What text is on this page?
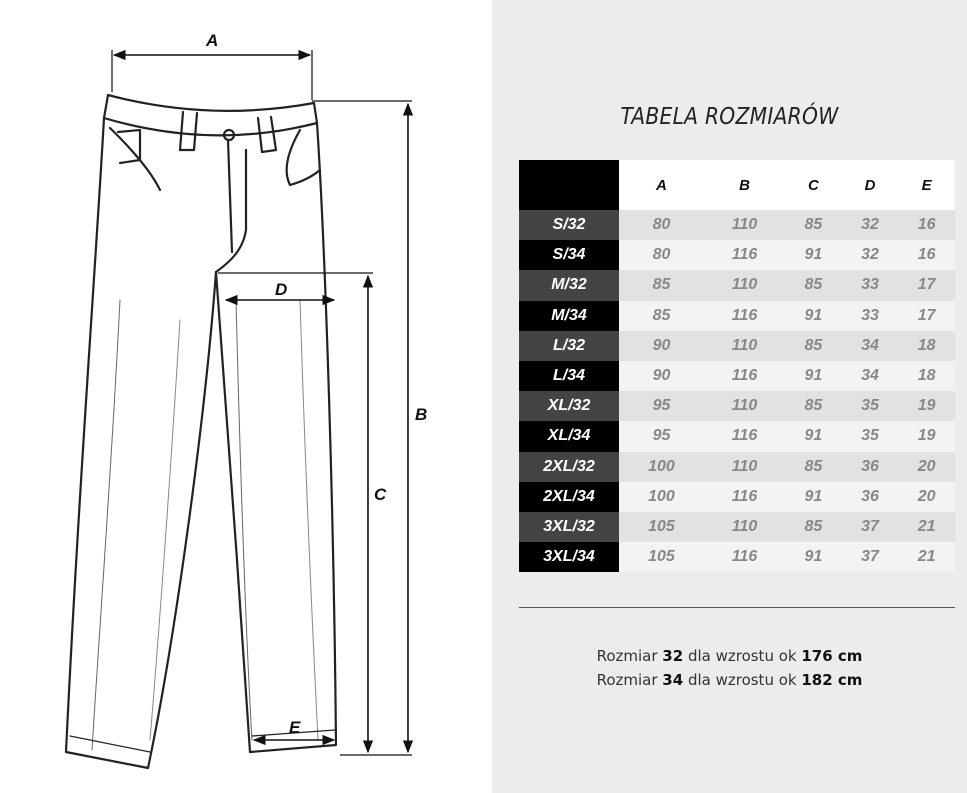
A
B
C
D
E
TABELA ROZMIARÓW
	A	B	C	D	E
S/32	80	110	85	32	16
S/34	80	116	91	32	16
M/32	85	110	85	33	17
M/34	85	116	91	33	17
L/32	90	110	85	34	18
L/34	90	116	91	34	18
XL/32	95	110	85	35	19
XL/34	95	116	91	35	19
2XL/32	100	110	85	36	20
2XL/34	100	116	91	36	20
3XL/32	105	110	85	37	21
3XL/34	105	116	91	37	21
Rozmiar 32 dla wzrostu ok 176 cm
Rozmiar 34 dla wzrostu ok 182 cm
